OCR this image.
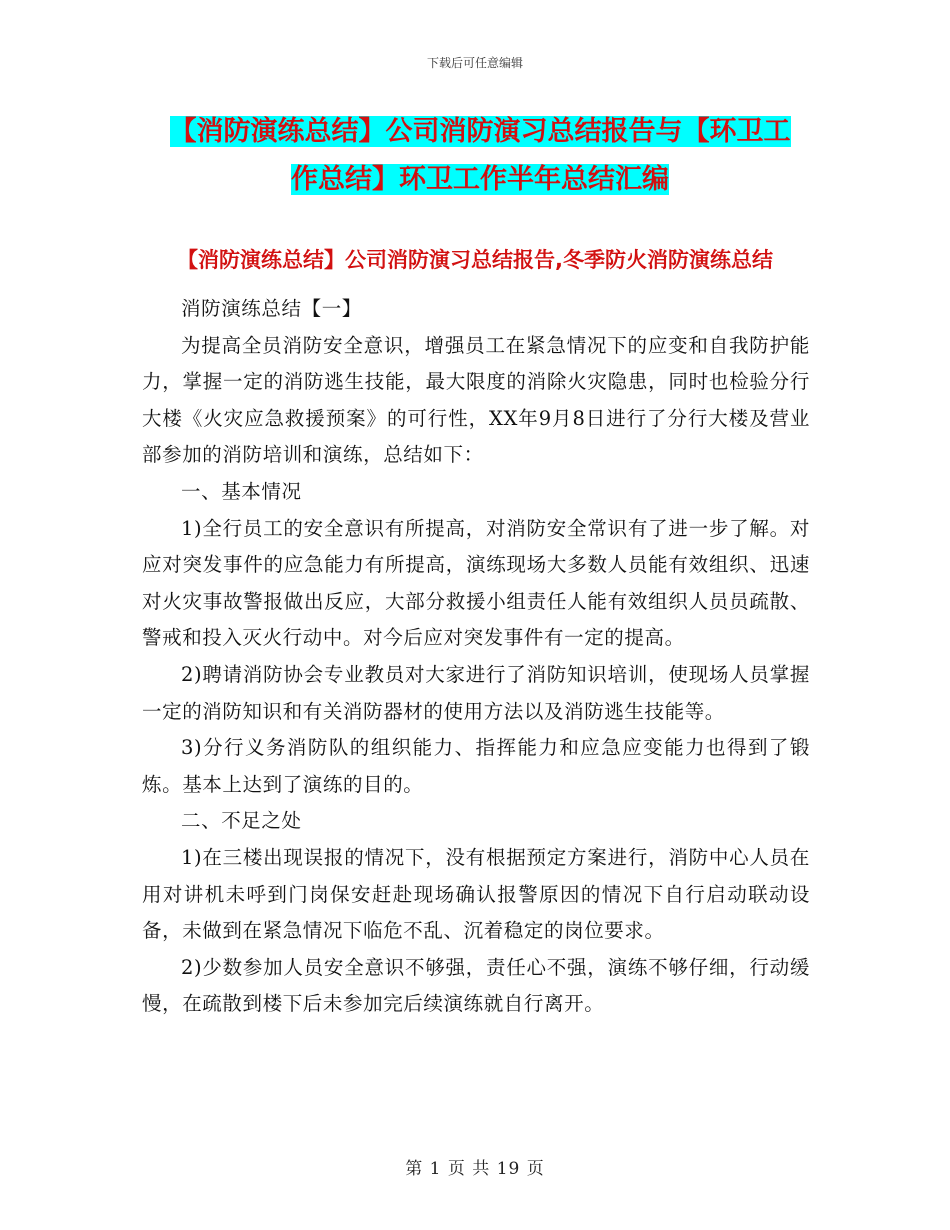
下载后可任意编辑
【消防演练总结】公司消防演习总结报告与【环卫工
作总结】环卫工作半年总结汇编
【消防演练总结】公司消防演习总结报告,冬季防火消防演练总结

消防演练总结【一】

为提高全员消防安全意识，增强员工在紧急情况下的应变和自我防护能力，掌握一定的消防逃生技能，最大限度的消除火灾隐患，同时也检验分行大楼《火灾应急救援预案》的可行性，XX年9月8日进行了分行大楼及营业部参加的消防培训和演练，总结如下：

一、基本情况

1)全行员工的安全意识有所提高，对消防安全常识有了进一步了解。对应对突发事件的应急能力有所提高，演练现场大多数人员能有效组织、迅速对火灾事故警报做出反应，大部分救援小组责任人能有效组织人员员疏散、警戒和投入灭火行动中。对今后应对突发事件有一定的提高。

2)聘请消防协会专业教员对大家进行了消防知识培训，使现场人员掌握一定的消防知识和有关消防器材的使用方法以及消防逃生技能等。

3)分行义务消防队的组织能力、指挥能力和应急应变能力也得到了锻炼。基本上达到了演练的目的。

二、不足之处

1)在三楼出现误报的情况下，没有根据预定方案进行，消防中心人员在用对讲机未呼到门岗保安赶赴现场确认报警原因的情况下自行启动联动设备，未做到在紧急情况下临危不乱、沉着稳定的岗位要求。

2)少数参加人员安全意识不够强，责任心不强，演练不够仔细，行动缓慢，在疏散到楼下后未参加完后续演练就自行离开。

第 1 页 共 19 页
